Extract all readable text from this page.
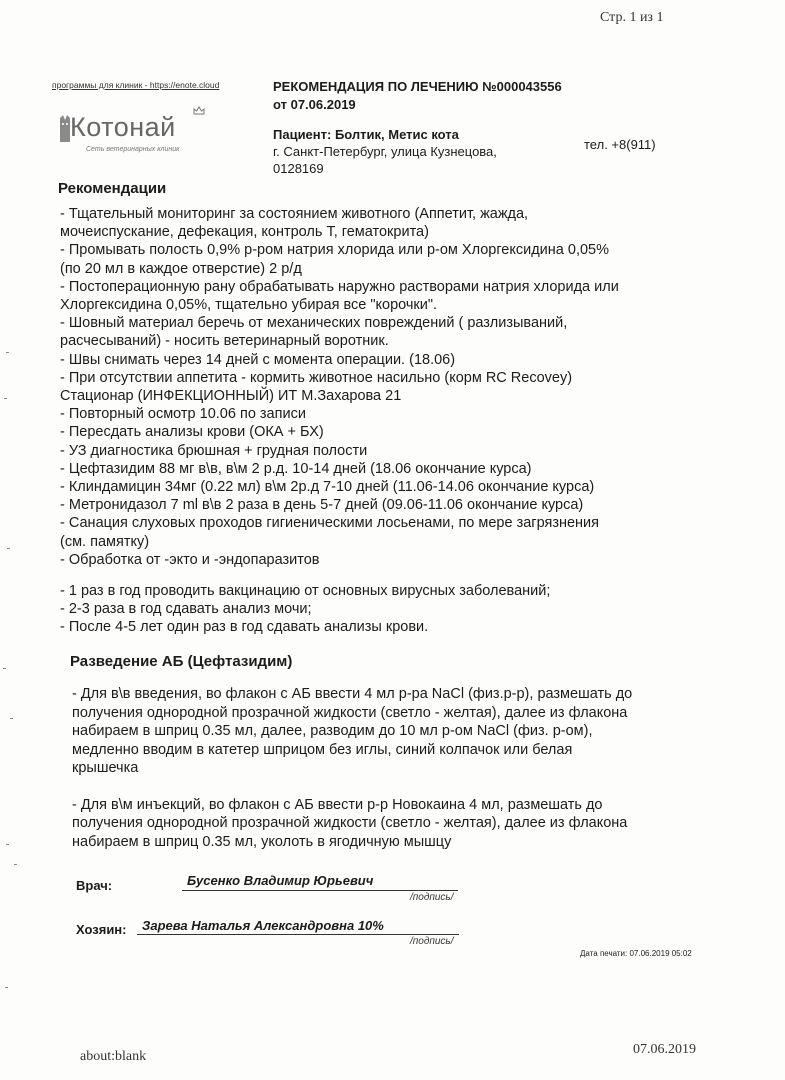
Стр. 1 из 1
программы для клиник - https://enote.cloud
Котонай
Сеть ветеринарных клиник
РЕКОМЕНДАЦИЯ ПО ЛЕЧЕНИЮ №000043556
от 07.06.2019
Пациент: Болтик, Метис кота
г. Санкт-Петербург, улица Кузнецова, 0128169
тел. +8(911)
Рекомендации
- Тщательный мониторинг за состоянием животного (Аппетит, жажда,
мочеиспускание, дефекация, контроль Т, гематокрита)
- Промывать полость 0,9% р-ром натрия хлорида или р-ом Хлоргексидина 0,05%
(по 20 мл в каждое отверстие) 2 р/д
- Постоперационную рану обрабатывать наружно растворами натрия хлорида или
Хлоргексидина 0,05%, тщательно убирая все "корочки".
- Шовный материал беречь от механических повреждений ( разлизываний,
расчесываний) - носить ветеринарный воротник.
- Швы снимать через 14 дней с момента операции. (18.06)
- При отсутствии аппетита - кормить животное насильно (корм RC Recovey)
Стационар (ИНФЕКЦИОННЫЙ) ИТ М.Захарова 21
- Повторный осмотр 10.06 по записи
- Пересдать анализы крови (ОКА + БХ)
- УЗ диагностика брюшная + грудная полости
- Цефтазидим 88 мг в\в, в\м 2 р.д. 10-14 дней (18.06 окончание курса)
- Клиндамицин 34мг (0.22 мл) в\м 2р.д 7-10 дней (11.06-14.06 окончание курса)
- Метронидазол 7 ml в\в 2 раза в день 5-7 дней (09.06-11.06 окончание курса)
- Санация слуховых проходов гигиеническими лосьенами, по мере загрязнения
(см. памятку)
- Обработка от -экто и -эндопаразитов
- 1 раз в год проводить вакцинацию от основных вирусных заболеваний;
- 2-3 раза в год сдавать анализ мочи;
- После 4-5 лет один раз в год сдавать анализы крови.
Разведение АБ (Цефтазидим)
- Для в\в введения, во флакон с АБ ввести 4 мл р-ра NaCl (физ.р-р), размешать до
получения однородной прозрачной жидкости (светло - желтая), далее из флакона
набираем в шприц 0.35 мл, далее, разводим до 10 мл р-ом NaCl (физ. р-ом),
медленно вводим в катетер шприцом без иглы, синий колпачок или белая
крышечка
- Для в\м инъекций, во флакон с АБ ввести р-р Новокаина 4 мл, размешать до
получения однородной прозрачной жидкости (светло - желтая), далее из флакона
набираем в шприц 0.35 мл, уколоть в ягодичную мышцу
Врач:	Бусенко Владимир Юрьевич
/подпись/
Хозяин: Зарева Наталья Александровна 10%
/подпись/
Дата печати: 07.06.2019 05:02
about:blank	07.06.2019
